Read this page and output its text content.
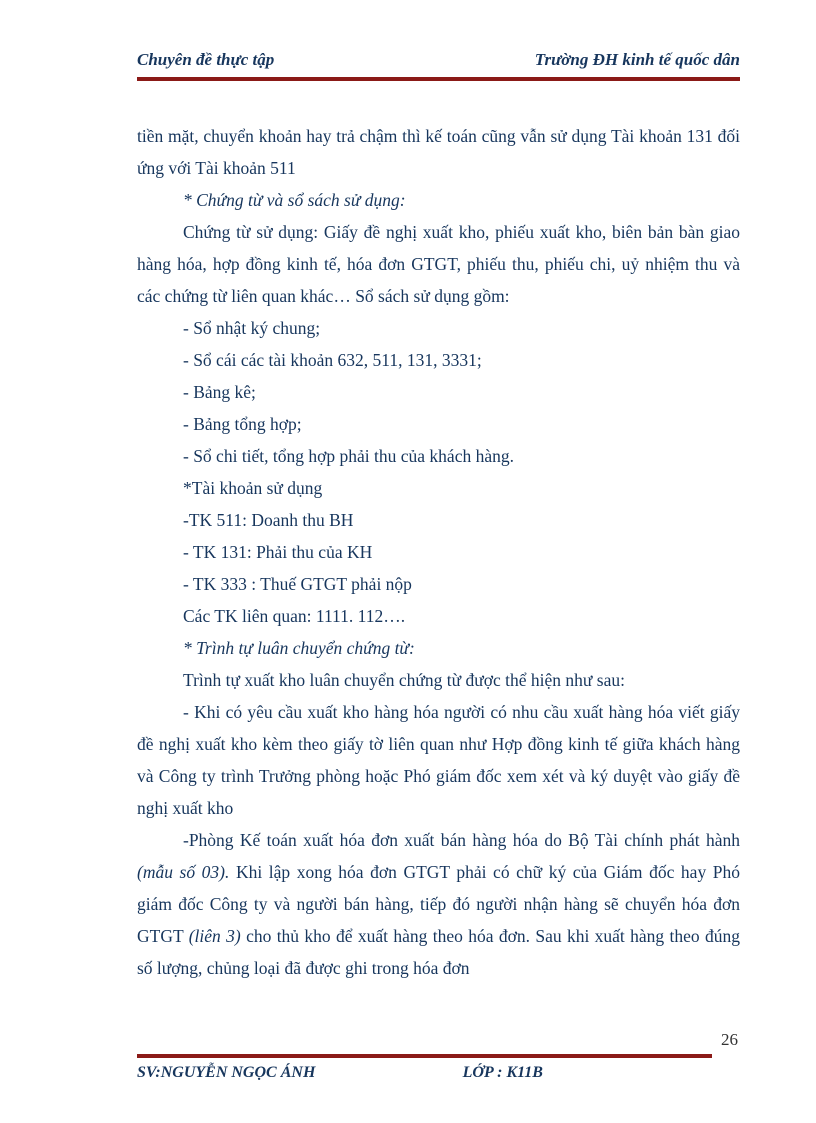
Chuyên đề thực tập	Trường ĐH kinh tế quốc dân

tiền mặt, chuyển khoản hay trả chậm thì kế toán cũng vẫn sử dụng Tài khoản 131 đối ứng với Tài khoản 511

* Chứng từ và sổ sách sử dụng:

Chứng từ sử dụng: Giấy đề nghị xuất kho, phiếu xuất kho, biên bản bàn giao hàng hóa, hợp đồng kinh tế, hóa đơn GTGT, phiếu thu, phiếu chi, uỷ nhiệm thu và các chứng từ liên quan khác… Sổ sách sử dụng gồm:

- Sổ nhật ký chung;

- Sổ cái các tài khoản 632, 511, 131, 3331;

- Bảng kê;

- Bảng tổng hợp;

- Sổ chi tiết, tổng hợp phải thu của khách hàng.

*Tài khoản sử dụng

-TK 511: Doanh thu BH

- TK 131: Phải thu của KH

- TK 333 : Thuế GTGT phải nộp

Các TK liên quan: 1111. 112….

* Trình tự luân chuyển chứng từ:

Trình tự xuất kho luân chuyển chứng từ được thể hiện như sau:

- Khi có yêu cầu xuất kho hàng hóa người có nhu cầu xuất hàng hóa viết giấy đề nghị xuất kho kèm theo giấy tờ liên quan như Hợp đồng kinh tế giữa khách hàng và Công ty trình Trưởng phòng hoặc Phó giám đốc xem xét và ký duyệt vào giấy đề nghị xuất kho

-Phòng Kế toán xuất hóa đơn xuất bán hàng hóa do Bộ Tài chính phát hành (mẫu số 03). Khi lập xong hóa đơn GTGT phải có chữ ký của Giám đốc hay Phó giám đốc Công ty và người bán hàng, tiếp đó người nhận hàng sẽ chuyển hóa đơn GTGT (liên 3) cho thủ kho để xuất hàng theo hóa đơn. Sau khi xuất hàng theo đúng số lượng, chủng loại đã được ghi trong hóa đơn

26
SV:NGUYỄN NGỌC ÁNH	LỚP : K11B
